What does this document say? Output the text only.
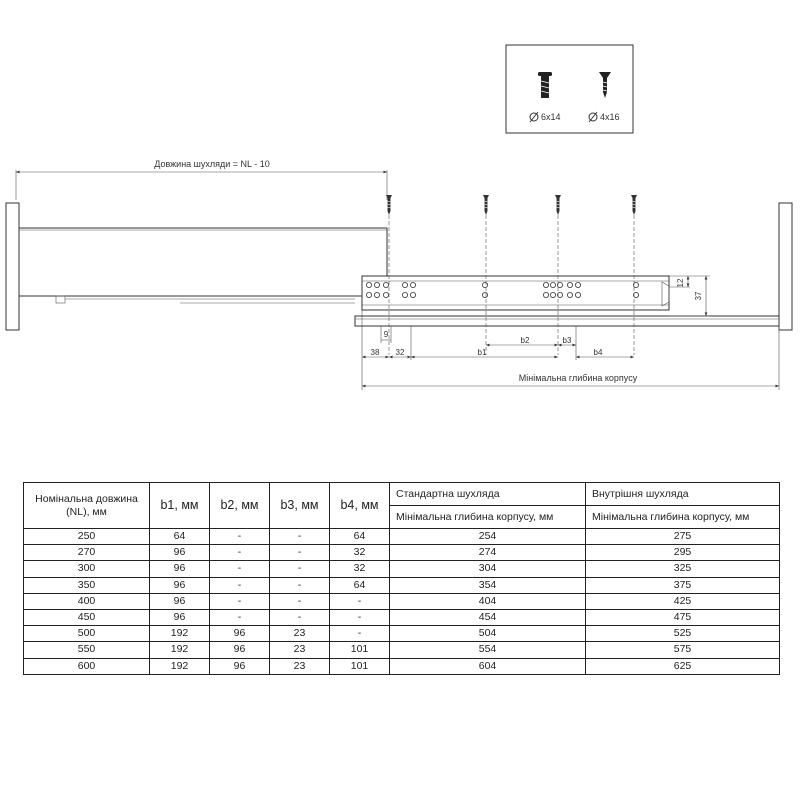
6x14	4x16
Довжина шухляди = NL - 10
12
37
9
38 32	b1
b2	b3
b4
Мінімальна глибина корпусу
Номінальна довжина (NL), мм	b1, мм	b2, мм	b3, мм	b4, мм	Стандартна шухляда	Внутрішня шухляда
					Мінімальна глибина корпусу, мм	Мінімальна глибина корпусу, мм
250	64	-	-	64	254	275
270	96	-	-	32	274	295
300	96	-	-	32	304	325
350	96	-	-	64	354	375
400	96	-	-	-	404	425
450	96	-	-	-	454	475
500	192	96	23	-	504	525
550	192	96	23	101	554	575
600	192	96	23	101	604	625
